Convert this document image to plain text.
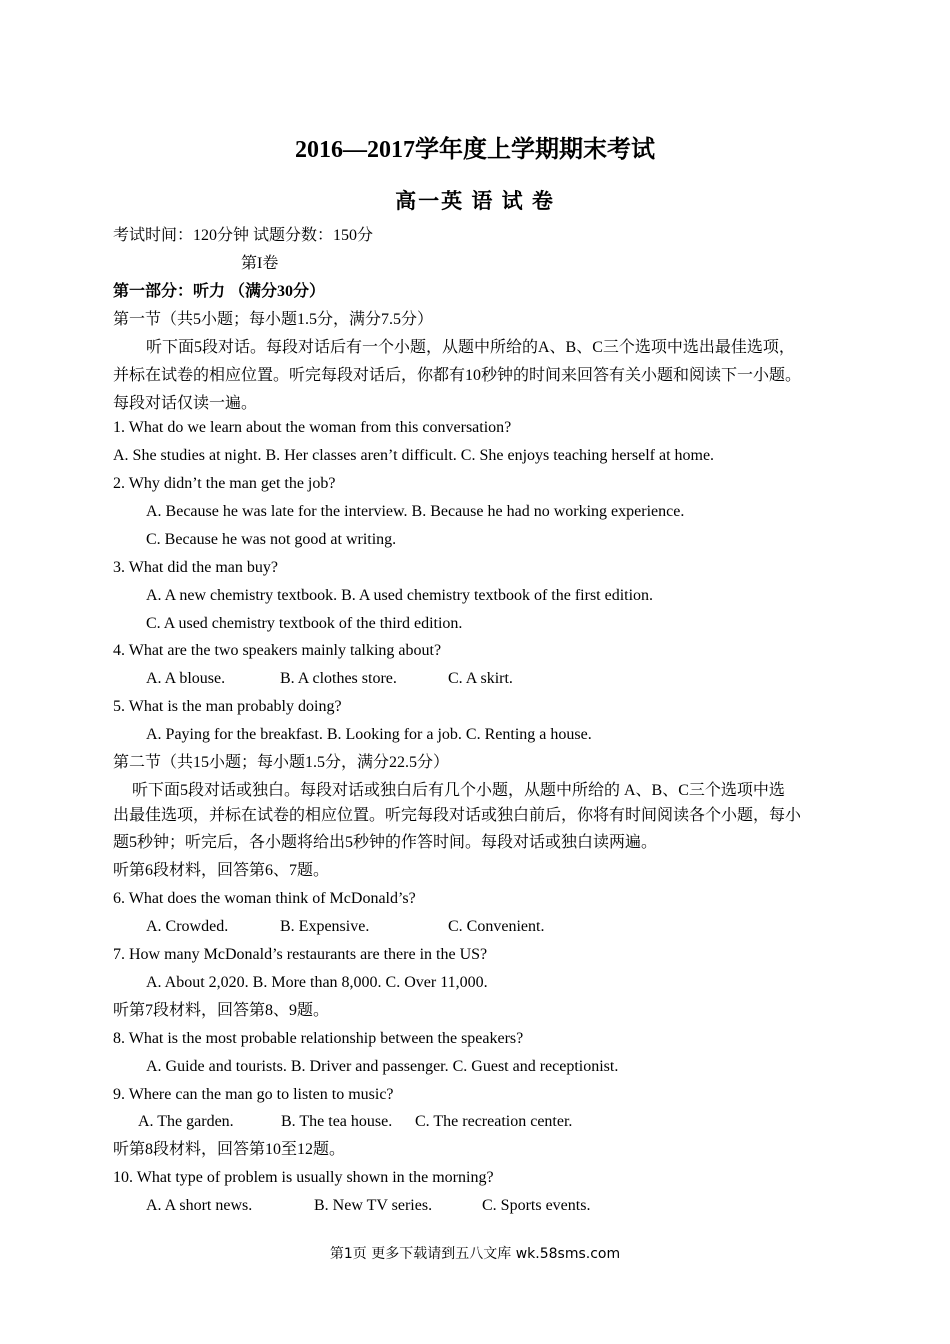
2016—2017学年度上学期期末考试
高一英 语 试 卷
考试时间：120分钟 试题分数：150分
第I卷
第一部分：听力 （满分30分）
第一节（共5小题；每小题1.5分，满分7.5分）
听下面5段对话。每段对话后有一个小题，从题中所给的A、B、C三个选项中选出最佳选项，
并标在试卷的相应位置。听完每段对话后，你都有10秒钟的时间来回答有关小题和阅读下一小题。
每段对话仅读一遍。
1. What do we learn about the woman from this conversation?
A. She studies at night. B. Her classes aren’t difficult. C. She enjoys teaching herself at home.
2. Why didn’t the man get the job?
A. Because he was late for the interview. B. Because he had no working experience.
C. Because he was not good at writing.
3. What did the man buy?
A. A new chemistry textbook. B. A used chemistry textbook of the first edition.
C. A used chemistry textbook of the third edition.
4. What are the two speakers mainly talking about?
A. A blouse.	B. A clothes store.	C. A skirt.
5. What is the man probably doing?
A. Paying for the breakfast. B. Looking for a job. C. Renting a house.
第二节（共15小题；每小题1.5分，满分22.5分）
听下面5段对话或独白。每段对话或独白后有几个小题，从题中所给的 A、B、C三个选项中选
出最佳选项，并标在试卷的相应位置。听完每段对话或独白前后，你将有时间阅读各个小题，每小
题5秒钟；听完后，各小题将给出5秒钟的作答时间。每段对话或独白读两遍。
听第6段材料，回答第6、7题。
6. What does the woman think of McDonald’s?
A. Crowded.	B. Expensive.	C. Convenient.
7. How many McDonald’s restaurants are there in the US?
A. About 2,020. B. More than 8,000. C. Over 11,000.
听第7段材料，回答第8、9题。
8. What is the most probable relationship between the speakers?
A. Guide and tourists. B. Driver and passenger. C. Guest and receptionist.
9. Where can the man go to listen to music?
A. The garden.	B. The tea house. C. The recreation center.
听第8段材料，回答第10至12题。
10. What type of problem is usually shown in the morning?
A. A short news.	B. New TV series.	C. Sports events.
第1页 更多下载请到五八文库 wk.58sms.com
